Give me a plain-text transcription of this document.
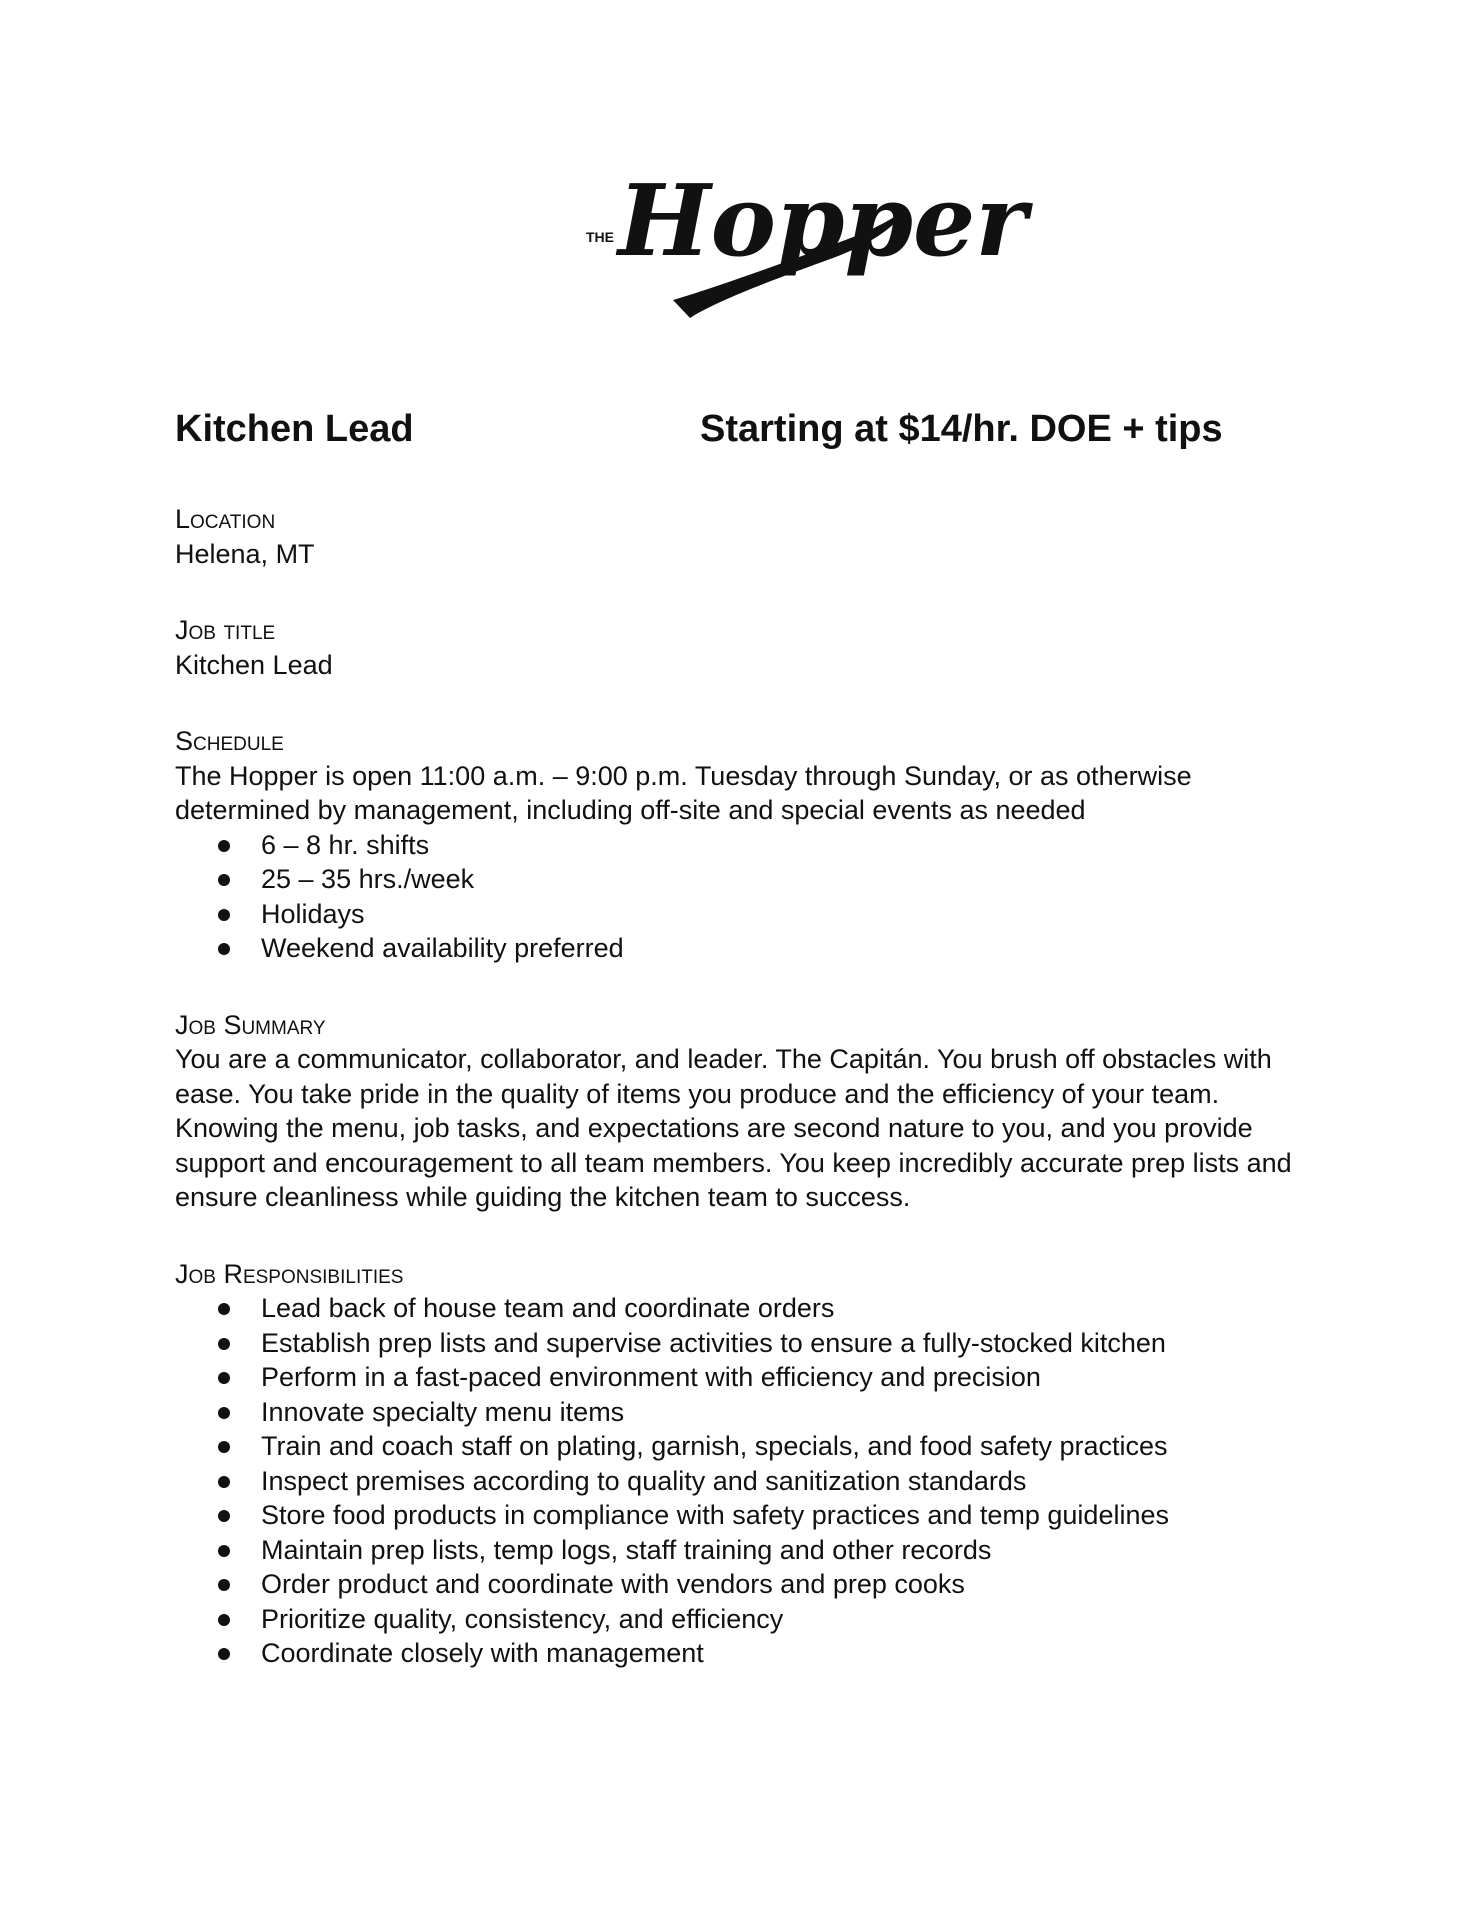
THE Hopper
Kitchen Lead	Starting at $14/hr. DOE + tips
Location
Helena, MT
Job title
Kitchen Lead
Schedule
The Hopper is open 11:00 a.m. – 9:00 p.m. Tuesday through Sunday, or as otherwise determined by management, including off-site and special events as needed
6 – 8 hr. shifts
25 – 35 hrs./week
Holidays
Weekend availability preferred
Job Summary
You are a communicator, collaborator, and leader. The Capitán. You brush off obstacles with ease. You take pride in the quality of items you produce and the efficiency of your team. Knowing the menu, job tasks, and expectations are second nature to you, and you provide support and encouragement to all team members. You keep incredibly accurate prep lists and ensure cleanliness while guiding the kitchen team to success.
Job Responsibilities
Lead back of house team and coordinate orders
Establish prep lists and supervise activities to ensure a fully-stocked kitchen
Perform in a fast-paced environment with efficiency and precision
Innovate specialty menu items
Train and coach staff on plating, garnish, specials, and food safety practices
Inspect premises according to quality and sanitization standards
Store food products in compliance with safety practices and temp guidelines
Maintain prep lists, temp logs, staff training and other records
Order product and coordinate with vendors and prep cooks
Prioritize quality, consistency, and efficiency
Coordinate closely with management
